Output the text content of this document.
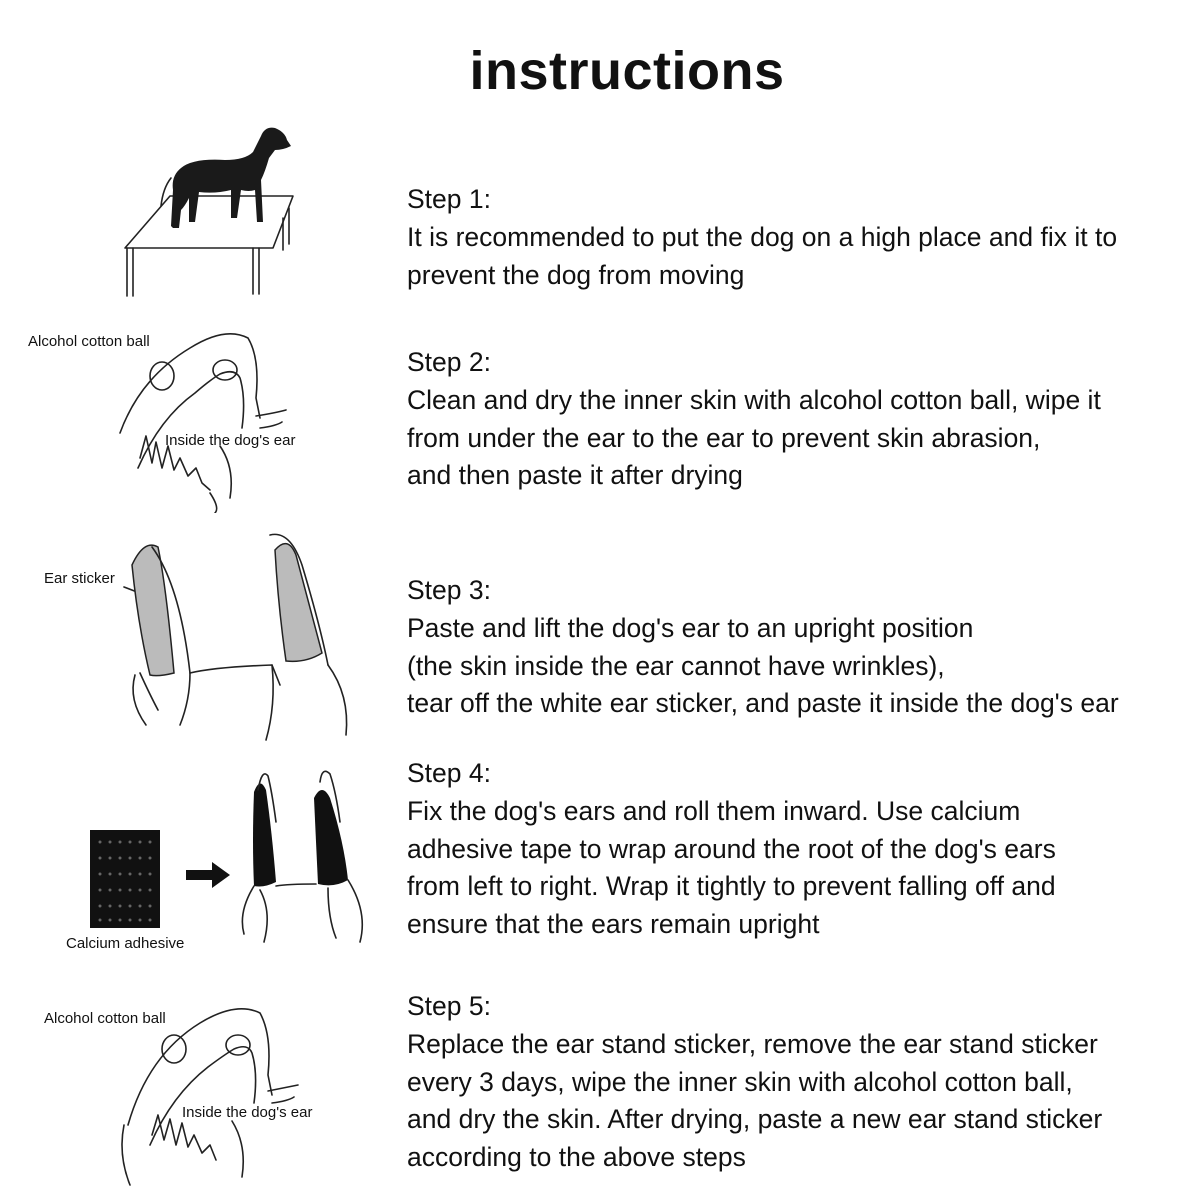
instructions
Alcohol cotton ball
Inside the dog's ear
Ear sticker
Calcium adhesive
Alcohol cotton ball
Inside the dog's ear
Step 1:
It is recommended to put the dog on a high place and fix it to
prevent the dog from moving
Step 2:
Clean and dry the inner skin with alcohol cotton ball, wipe it
from under the ear to the ear to prevent skin abrasion,
and then paste it after drying
Step 3:
Paste and lift the dog's ear to an upright position
(the skin inside the ear cannot have wrinkles),
tear off the white ear sticker, and paste it inside the dog's ear
Step 4:
Fix the dog's ears and roll them inward. Use calcium
adhesive tape to wrap around the root of the dog's ears
from left to right. Wrap it tightly to prevent falling off and
ensure that the ears remain upright
Step 5:
Replace the ear stand sticker, remove the ear stand sticker
every 3 days, wipe the inner skin with alcohol cotton ball,
and dry the skin. After drying, paste a new ear stand sticker
according to the above steps
